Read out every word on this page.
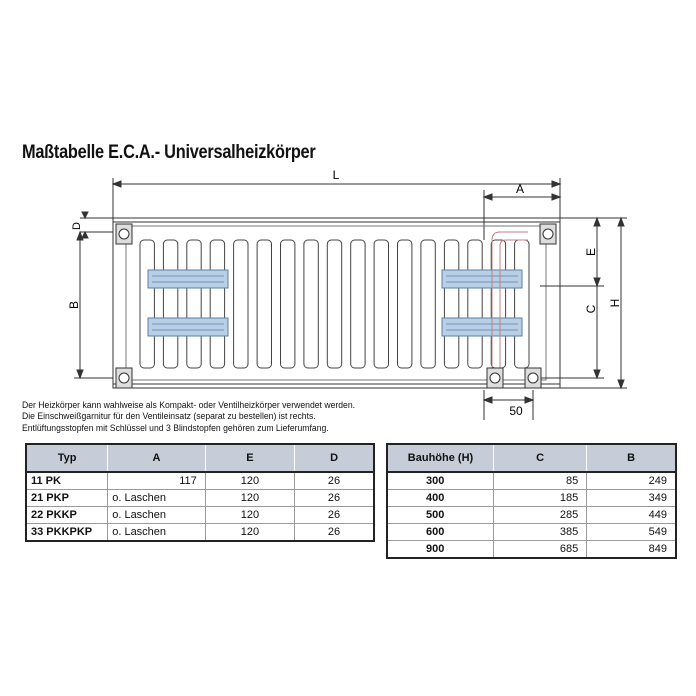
Maßtabelle E.C.A.- Universalheizkörper
L
A
D
B
E
C
H
50
Der Heizkörper kann wahlweise als Kompakt- oder Ventilheizkörper verwendet werden.
Die Einschweißgarnitur für den Ventileinsatz (separat zu bestellen) ist rechts.
Entlüftungsstopfen mit Schlüssel und 3 Blindstopfen gehören zum Lieferumfang.
Typ	A	E	D
11 PK	117	120	26
21 PKP	o. Laschen	120	26
22 PKKP	o. Laschen	120	26
33 PKKPKP	o. Laschen	120	26
Bauhöhe (H)	C	B
300	85	249
400	185	349
500	285	449
600	385	549
900	685	849
